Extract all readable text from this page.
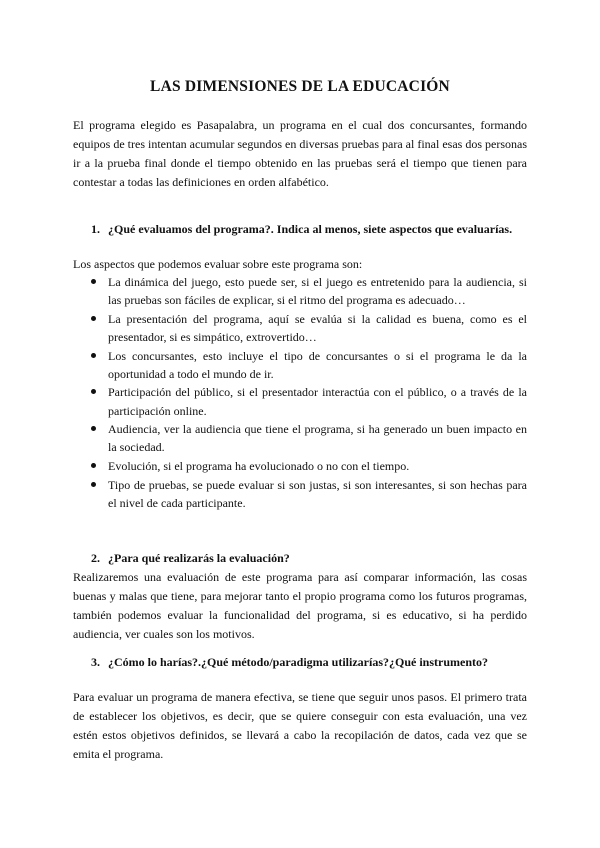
LAS DIMENSIONES DE LA EDUCACIÓN

El programa elegido es Pasapalabra, un programa en el cual dos concursantes, formando equipos de tres intentan acumular segundos en diversas pruebas para al final esas dos personas ir a la prueba final donde el tiempo obtenido en las pruebas será el tiempo que tienen para contestar a todas las definiciones en orden alfabético.

1. ¿Qué evaluamos del programa?. Indica al menos, siete aspectos que evaluarías.

Los aspectos que podemos evaluar sobre este programa son:

La dinámica del juego, esto puede ser, si el juego es entretenido para la audiencia, si las pruebas son fáciles de explicar, si el ritmo del programa es adecuado…
La presentación del programa, aquí se evalúa si la calidad es buena, como es el presentador, si es simpático, extrovertido…
Los concursantes, esto incluye el tipo de concursantes o si el programa le da la oportunidad a todo el mundo de ir.
Participación del público, si el presentador interactúa con el público, o a través de la participación online.
Audiencia, ver la audiencia que tiene el programa, si ha generado un buen impacto en la sociedad.
Evolución, si el programa ha evolucionado o no con el tiempo.
Tipo de pruebas, se puede evaluar si son justas, si son interesantes, si son hechas para el nivel de cada participante.
2. ¿Para qué realizarás la evaluación?

Realizaremos una evaluación de este programa para así comparar información, las cosas buenas y malas que tiene, para mejorar tanto el propio programa como los futuros programas, también podemos evaluar la funcionalidad del programa, si es educativo, si ha perdido audiencia, ver cuales son los motivos.

3. ¿Cómo lo harías?.¿Qué método/paradigma utilizarías?¿Qué instrumento?

Para evaluar un programa de manera efectiva, se tiene que seguir unos pasos. El primero trata de establecer los objetivos, es decir, que se quiere conseguir con esta evaluación, una vez estén estos objetivos definidos, se llevará a cabo la recopilación de datos, cada vez que se emita el programa.
